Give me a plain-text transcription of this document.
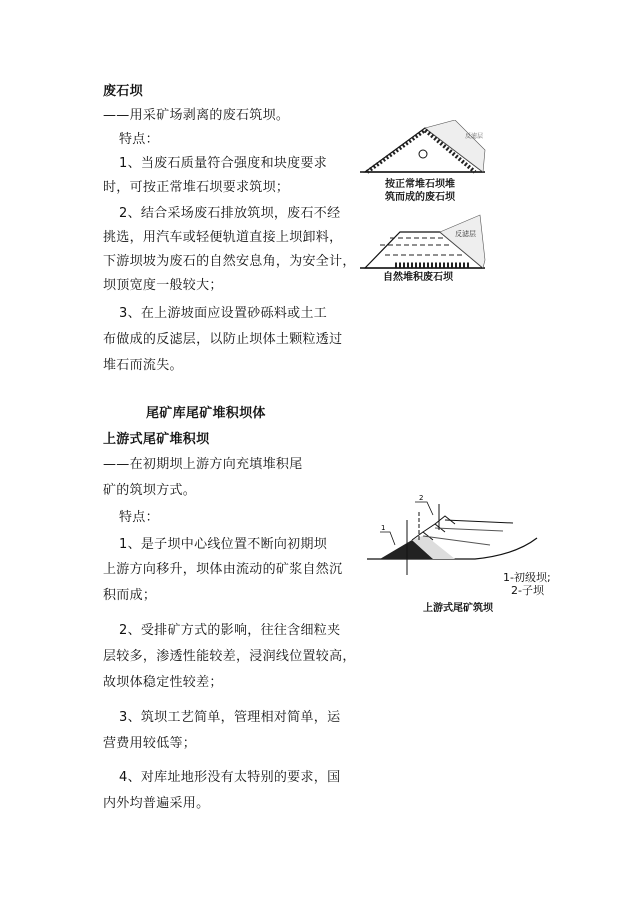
废石坝
——用采矿场剥离的废石筑坝。
特点：
1、当废石质量符合强度和块度要求
时，可按正常堆石坝要求筑坝；
2、结合采场废石排放筑坝，废石不经
挑选，用汽车或轻便轨道直接上坝卸料，
下游坝坡为废石的自然安息角，为安全计，
坝顶宽度一般较大；
3、在上游坡面应设置砂砾料或土工
布做成的反滤层，以防止坝体土颗粒透过
堆石而流失。
反滤层
按正常堆石坝堆
筑而成的废石坝
反滤层
自然堆积废石坝
尾矿库尾矿堆积坝体
上游式尾矿堆积坝
——在初期坝上游方向充填堆积尾
矿的筑坝方式。
特点：
1、是子坝中心线位置不断向初期坝
上游方向移升，坝体由流动的矿浆自然沉
积而成；
2、受排矿方式的影响，往往含细粒夹
层较多，渗透性能较差，浸润线位置较高，
故坝体稳定性较差；
3、筑坝工艺简单，管理相对简单，运
营费用较低等；
4、对库址地形没有太特别的要求，国
内外均普遍采用。
1
2
1-初级坝;
2-子坝
上游式尾矿筑坝
